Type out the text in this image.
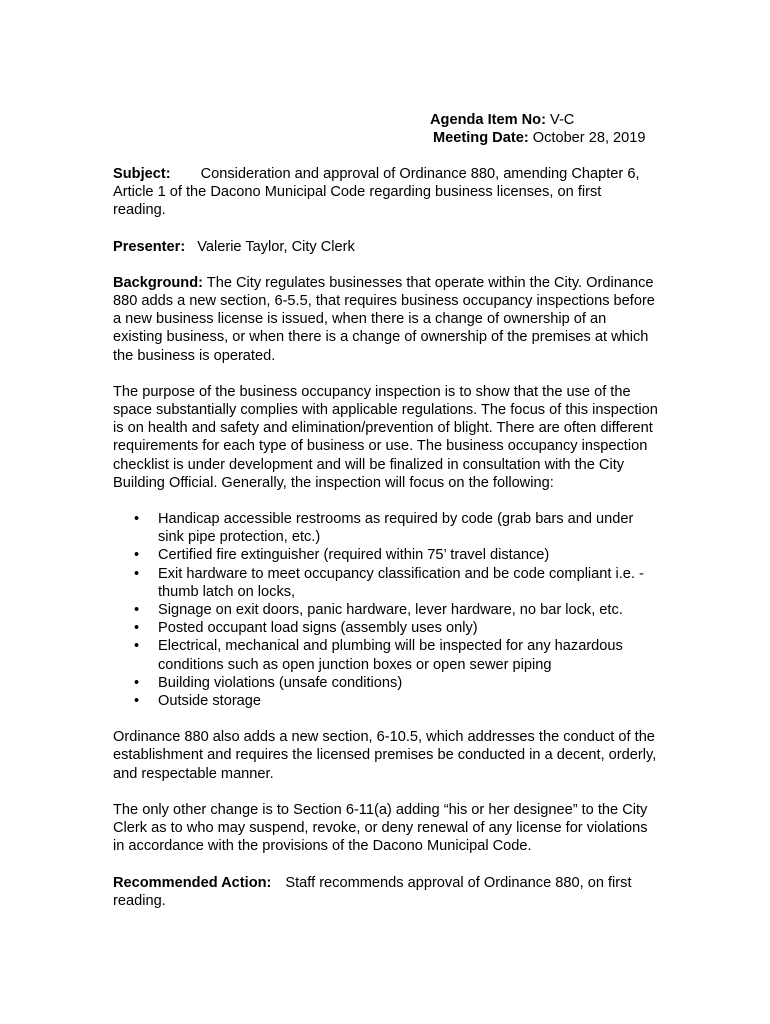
Agenda Item No: V-C
Meeting Date: October 28, 2019

Subject: Consideration and approval of Ordinance 880, amending Chapter 6, Article 1 of the Dacono Municipal Code regarding business licenses, on first reading.

Presenter: Valerie Taylor, City Clerk

Background: The City regulates businesses that operate within the City. Ordinance 880 adds a new section, 6-5.5, that requires business occupancy inspections before a new business license is issued, when there is a change of ownership of an existing business, or when there is a change of ownership of the premises at which the business is operated.

The purpose of the business occupancy inspection is to show that the use of the space substantially complies with applicable regulations. The focus of this inspection is on health and safety and elimination/prevention of blight. There are often different requirements for each type of business or use. The business occupancy inspection checklist is under development and will be finalized in consultation with the City Building Official. Generally, the inspection will focus on the following:

• Handicap accessible restrooms as required by code (grab bars and under sink pipe protection, etc.)
• Certified fire extinguisher (required within 75’ travel distance)
• Exit hardware to meet occupancy classification and be code compliant i.e. - thumb latch on locks,
• Signage on exit doors, panic hardware, lever hardware, no bar lock, etc.
• Posted occupant load signs (assembly uses only)
• Electrical, mechanical and plumbing will be inspected for any hazardous conditions such as open junction boxes or open sewer piping
• Building violations (unsafe conditions)
• Outside storage

Ordinance 880 also adds a new section, 6-10.5, which addresses the conduct of the establishment and requires the licensed premises be conducted in a decent, orderly, and respectable manner.

The only other change is to Section 6-11(a) adding “his or her designee” to the City Clerk as to who may suspend, revoke, or deny renewal of any license for violations in accordance with the provisions of the Dacono Municipal Code.

Recommended Action: Staff recommends approval of Ordinance 880, on first reading.
